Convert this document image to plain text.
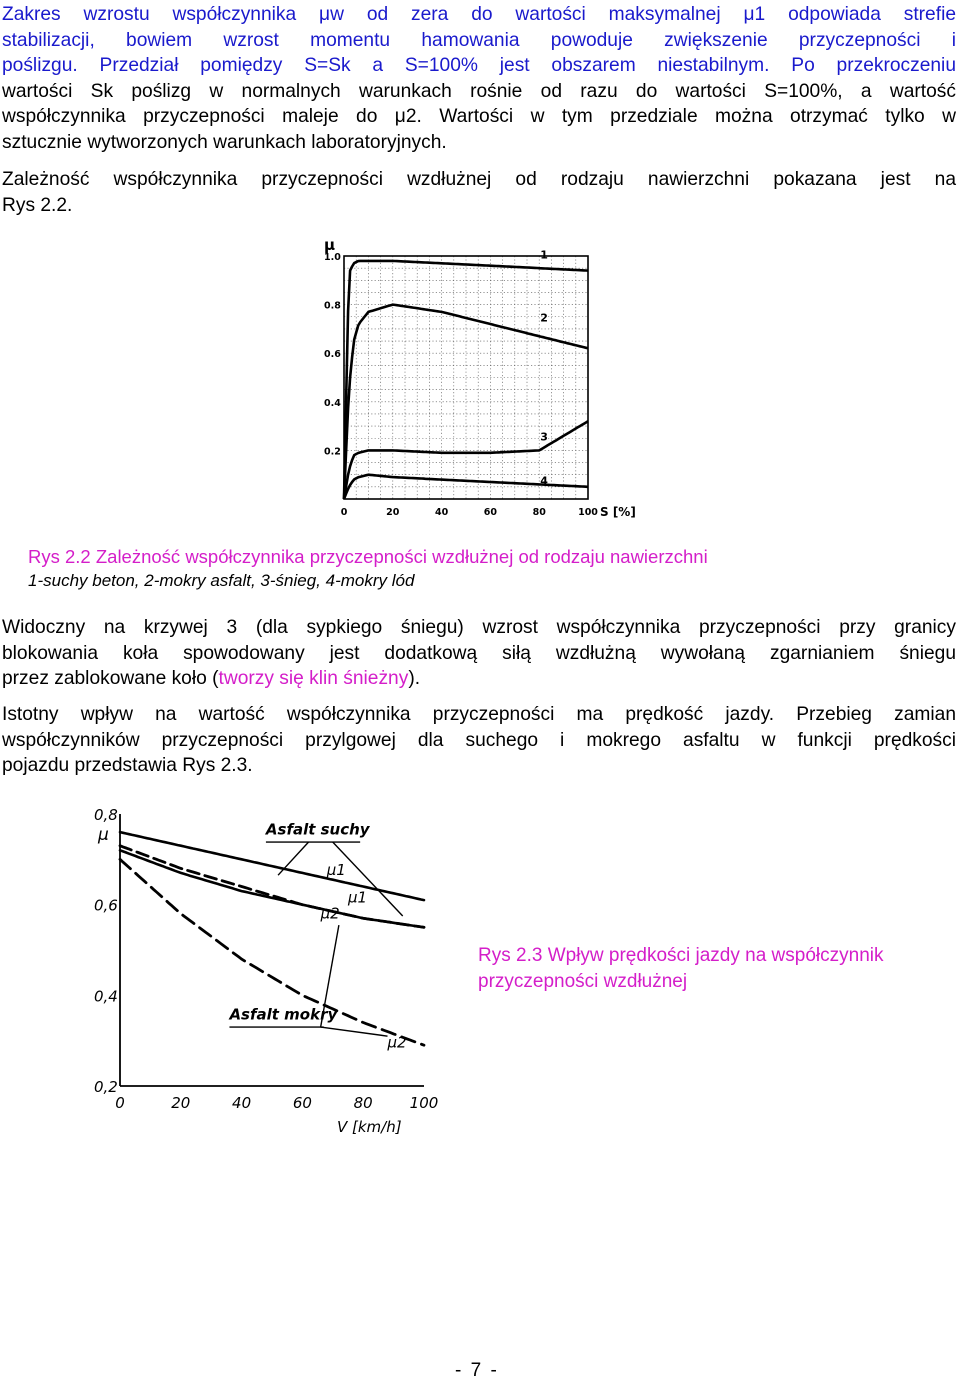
Zakres wzrostu współczynnika μw od zera do wartości maksymalnej μ1 odpowiada strefie
stabilizacji, bowiem wzrost momentu hamowania powoduje zwiększenie przyczepności i
poślizgu. Przedział pomiędzy S=Sk a S=100% jest obszarem niestabilnym. Po przekroczeniu
wartości Sk poślizg w normalnych warunkach rośnie od razu do wartości S=100%, a wartość
współczynnika przyczepności maleje do μ2. Wartości w tym przedziale można otrzymać tylko w
sztucznie wytworzonych warunkach laboratoryjnych.
Zależność współczynnika przyczepności wzdłużnej od rodzaju nawierzchni pokazana jest na
Rys 2.2.
1.0
0.8
0.6
0.4
0.2
0	20	40	60	80	100
μ
S [%]
1
2
3
4
Rys 2.2 Zależność współczynnika przyczepności wzdłużnej od rodzaju nawierzchni
1-suchy beton, 2-mokry asfalt, 3-śnieg, 4-mokry lód
Widoczny na krzywej 3 (dla sypkiego śniegu) wzrost współczynnika przyczepności przy granicy
blokowania koła spowodowany jest dodatkową siłą wzdłużną wywołaną zgarnianiem śniegu
przez zablokowane koło (tworzy się klin śnieżny).
Istotny wpływ na wartość współczynnika przyczepności ma prędkość jazdy. Przebieg zamian
współczynników przyczepności przylgowej dla suchego i mokrego asfaltu w funkcji prędkości
pojazdu przedstawia Rys 2.3.
0,8
0,6
0,4
0,2
0	20	40	60	80 100
μ
V [km/h]
Asfalt suchy
Asfalt mokry
μ1
μ1
μ2
μ2
Rys 2.3 Wpływ prędkości jazdy na współczynnik
przyczepności wzdłużnej
- 7 -
